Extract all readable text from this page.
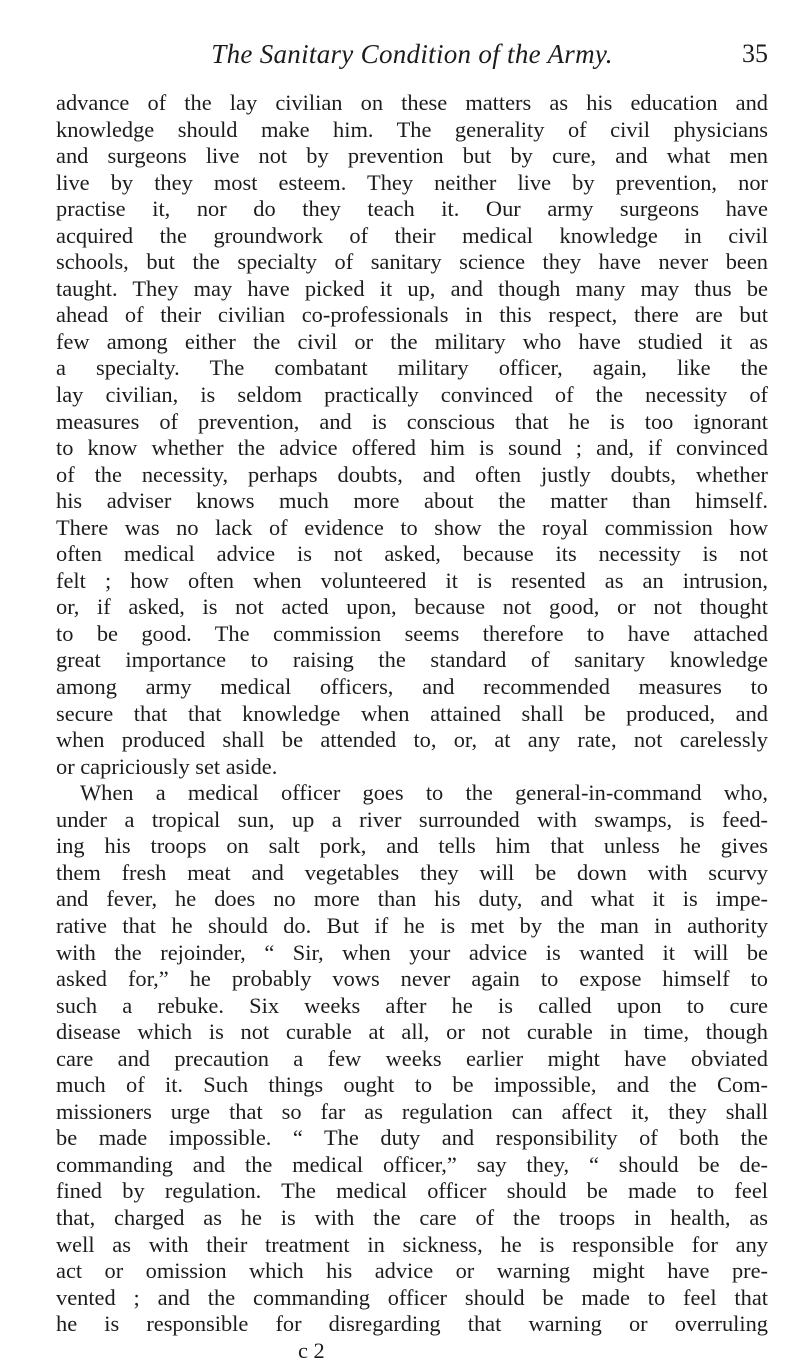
The Sanitary Condition of the Army.	35
advance of the lay civilian on these matters as his education and
knowledge should make him. The generality of civil physicians
and surgeons live not by prevention but by cure, and what men
live by they most esteem. They neither live by prevention, nor
practise it, nor do they teach it. Our army surgeons have
acquired the groundwork of their medical knowledge in civil
schools, but the specialty of sanitary science they have never been
taught. They may have picked it up, and though many may thus be
ahead of their civilian co-professionals in this respect, there are but
few among either the civil or the military who have studied it as
a specialty. The combatant military officer, again, like the
lay civilian, is seldom practically convinced of the necessity of
measures of prevention, and is conscious that he is too ignorant
to know whether the advice offered him is sound ; and, if convinced
of the necessity, perhaps doubts, and often justly doubts, whether
his adviser knows much more about the matter than himself.
There was no lack of evidence to show the royal commission how
often medical advice is not asked, because its necessity is not
felt ; how often when volunteered it is resented as an intrusion,
or, if asked, is not acted upon, because not good, or not thought
to be good. The commission seems therefore to have attached
great importance to raising the standard of sanitary knowledge
among army medical officers, and recommended measures to
secure that that knowledge when attained shall be produced, and
when produced shall be attended to, or, at any rate, not carelessly
or capriciously set aside.
When a medical officer goes to the general-in-command who,
under a tropical sun, up a river surrounded with swamps, is feed-
ing his troops on salt pork, and tells him that unless he gives
them fresh meat and vegetables they will be down with scurvy
and fever, he does no more than his duty, and what it is impe-
rative that he should do. But if he is met by the man in authority
with the rejoinder, “ Sir, when your advice is wanted it will be
asked for,” he probably vows never again to expose himself to
such a rebuke. Six weeks after he is called upon to cure
disease which is not curable at all, or not curable in time, though
care and precaution a few weeks earlier might have obviated
much of it. Such things ought to be impossible, and the Com-
missioners urge that so far as regulation can affect it, they shall
be made impossible. “ The duty and responsibility of both the
commanding and the medical officer,” say they, “ should be de-
fined by regulation. The medical officer should be made to feel
that, charged as he is with the care of the troops in health, as
well as with their treatment in sickness, he is responsible for any
act or omission which his advice or warning might have pre-
vented ; and the commanding officer should be made to feel that
he is responsible for disregarding that warning or overruling
c 2
